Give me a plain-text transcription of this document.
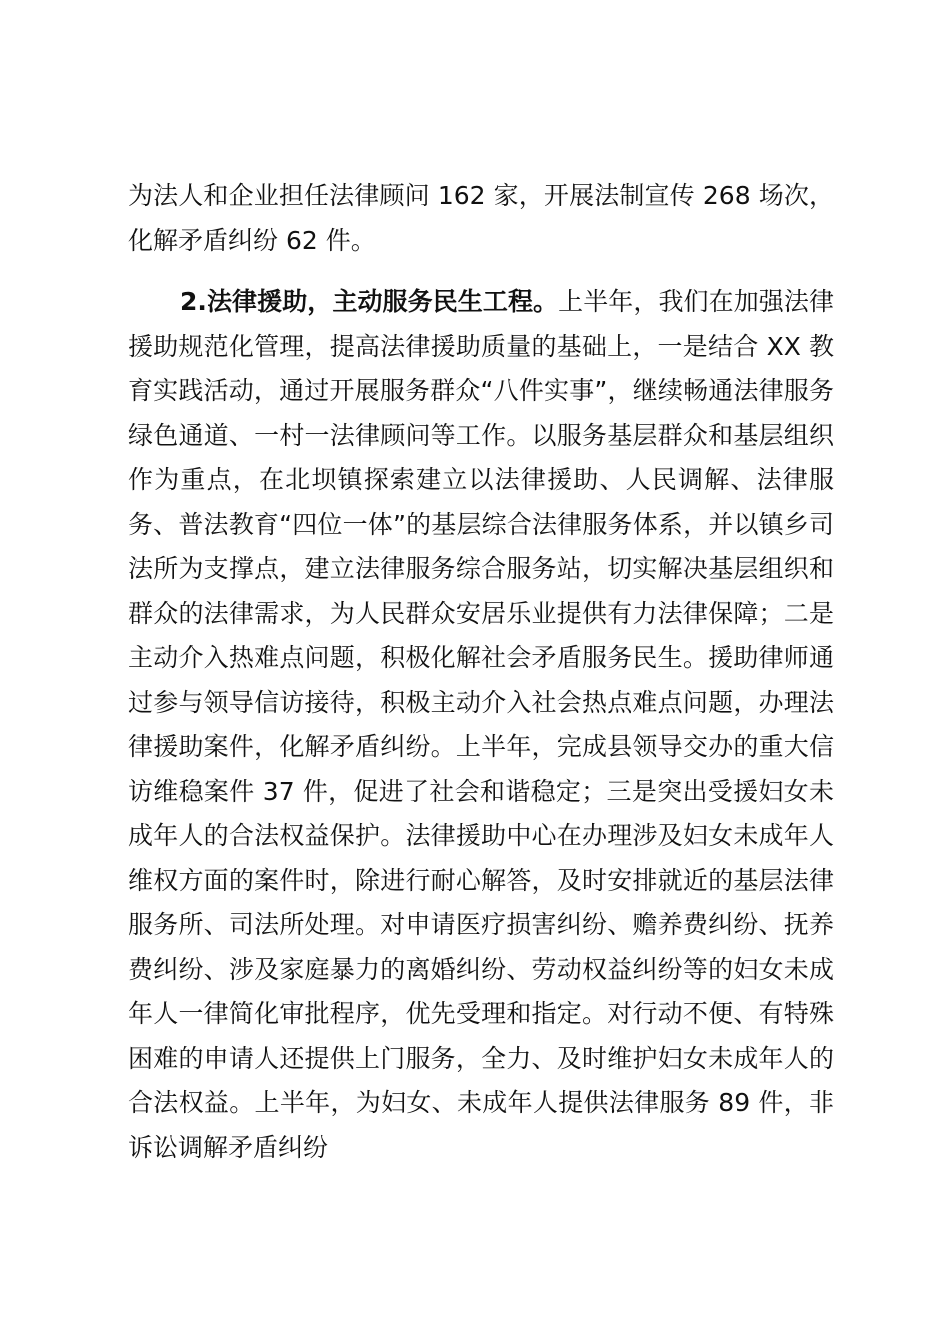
为法人和企业担任法律顾问 162 家，开展法制宣传 268 场次，化解矛盾纠纷 62 件。

2.法律援助，主动服务民生工程。上半年，我们在加强法律援助规范化管理，提高法律援助质量的基础上，一是结合 XX 教育实践活动，通过开展服务群众“八件实事”，继续畅通法律服务绿色通道、一村一法律顾问等工作。以服务基层群众和基层组织作为重点，在北坝镇探索建立以法律援助、人民调解、法律服务、普法教育“四位一体”的基层综合法律服务体系，并以镇乡司法所为支撑点，建立法律服务综合服务站，切实解决基层组织和群众的法律需求，为人民群众安居乐业提供有力法律保障；二是主动介入热难点问题，积极化解社会矛盾服务民生。援助律师通过参与领导信访接待，积极主动介入社会热点难点问题，办理法律援助案件，化解矛盾纠纷。上半年，完成县领导交办的重大信访维稳案件 37 件，促进了社会和谐稳定；三是突出受援妇女未成年人的合法权益保护。法律援助中心在办理涉及妇女未成年人维权方面的案件时，除进行耐心解答，及时安排就近的基层法律服务所、司法所处理。对申请医疗损害纠纷、赡养费纠纷、抚养费纠纷、涉及家庭暴力的离婚纠纷、劳动权益纠纷等的妇女未成年人一律简化审批程序，优先受理和指定。对行动不便、有特殊困难的申请人还提供上门服务，全力、及时维护妇女未成年人的合法权益。上半年，为妇女、未成年人提供法律服务 89 件，非诉讼调解矛盾纠纷
